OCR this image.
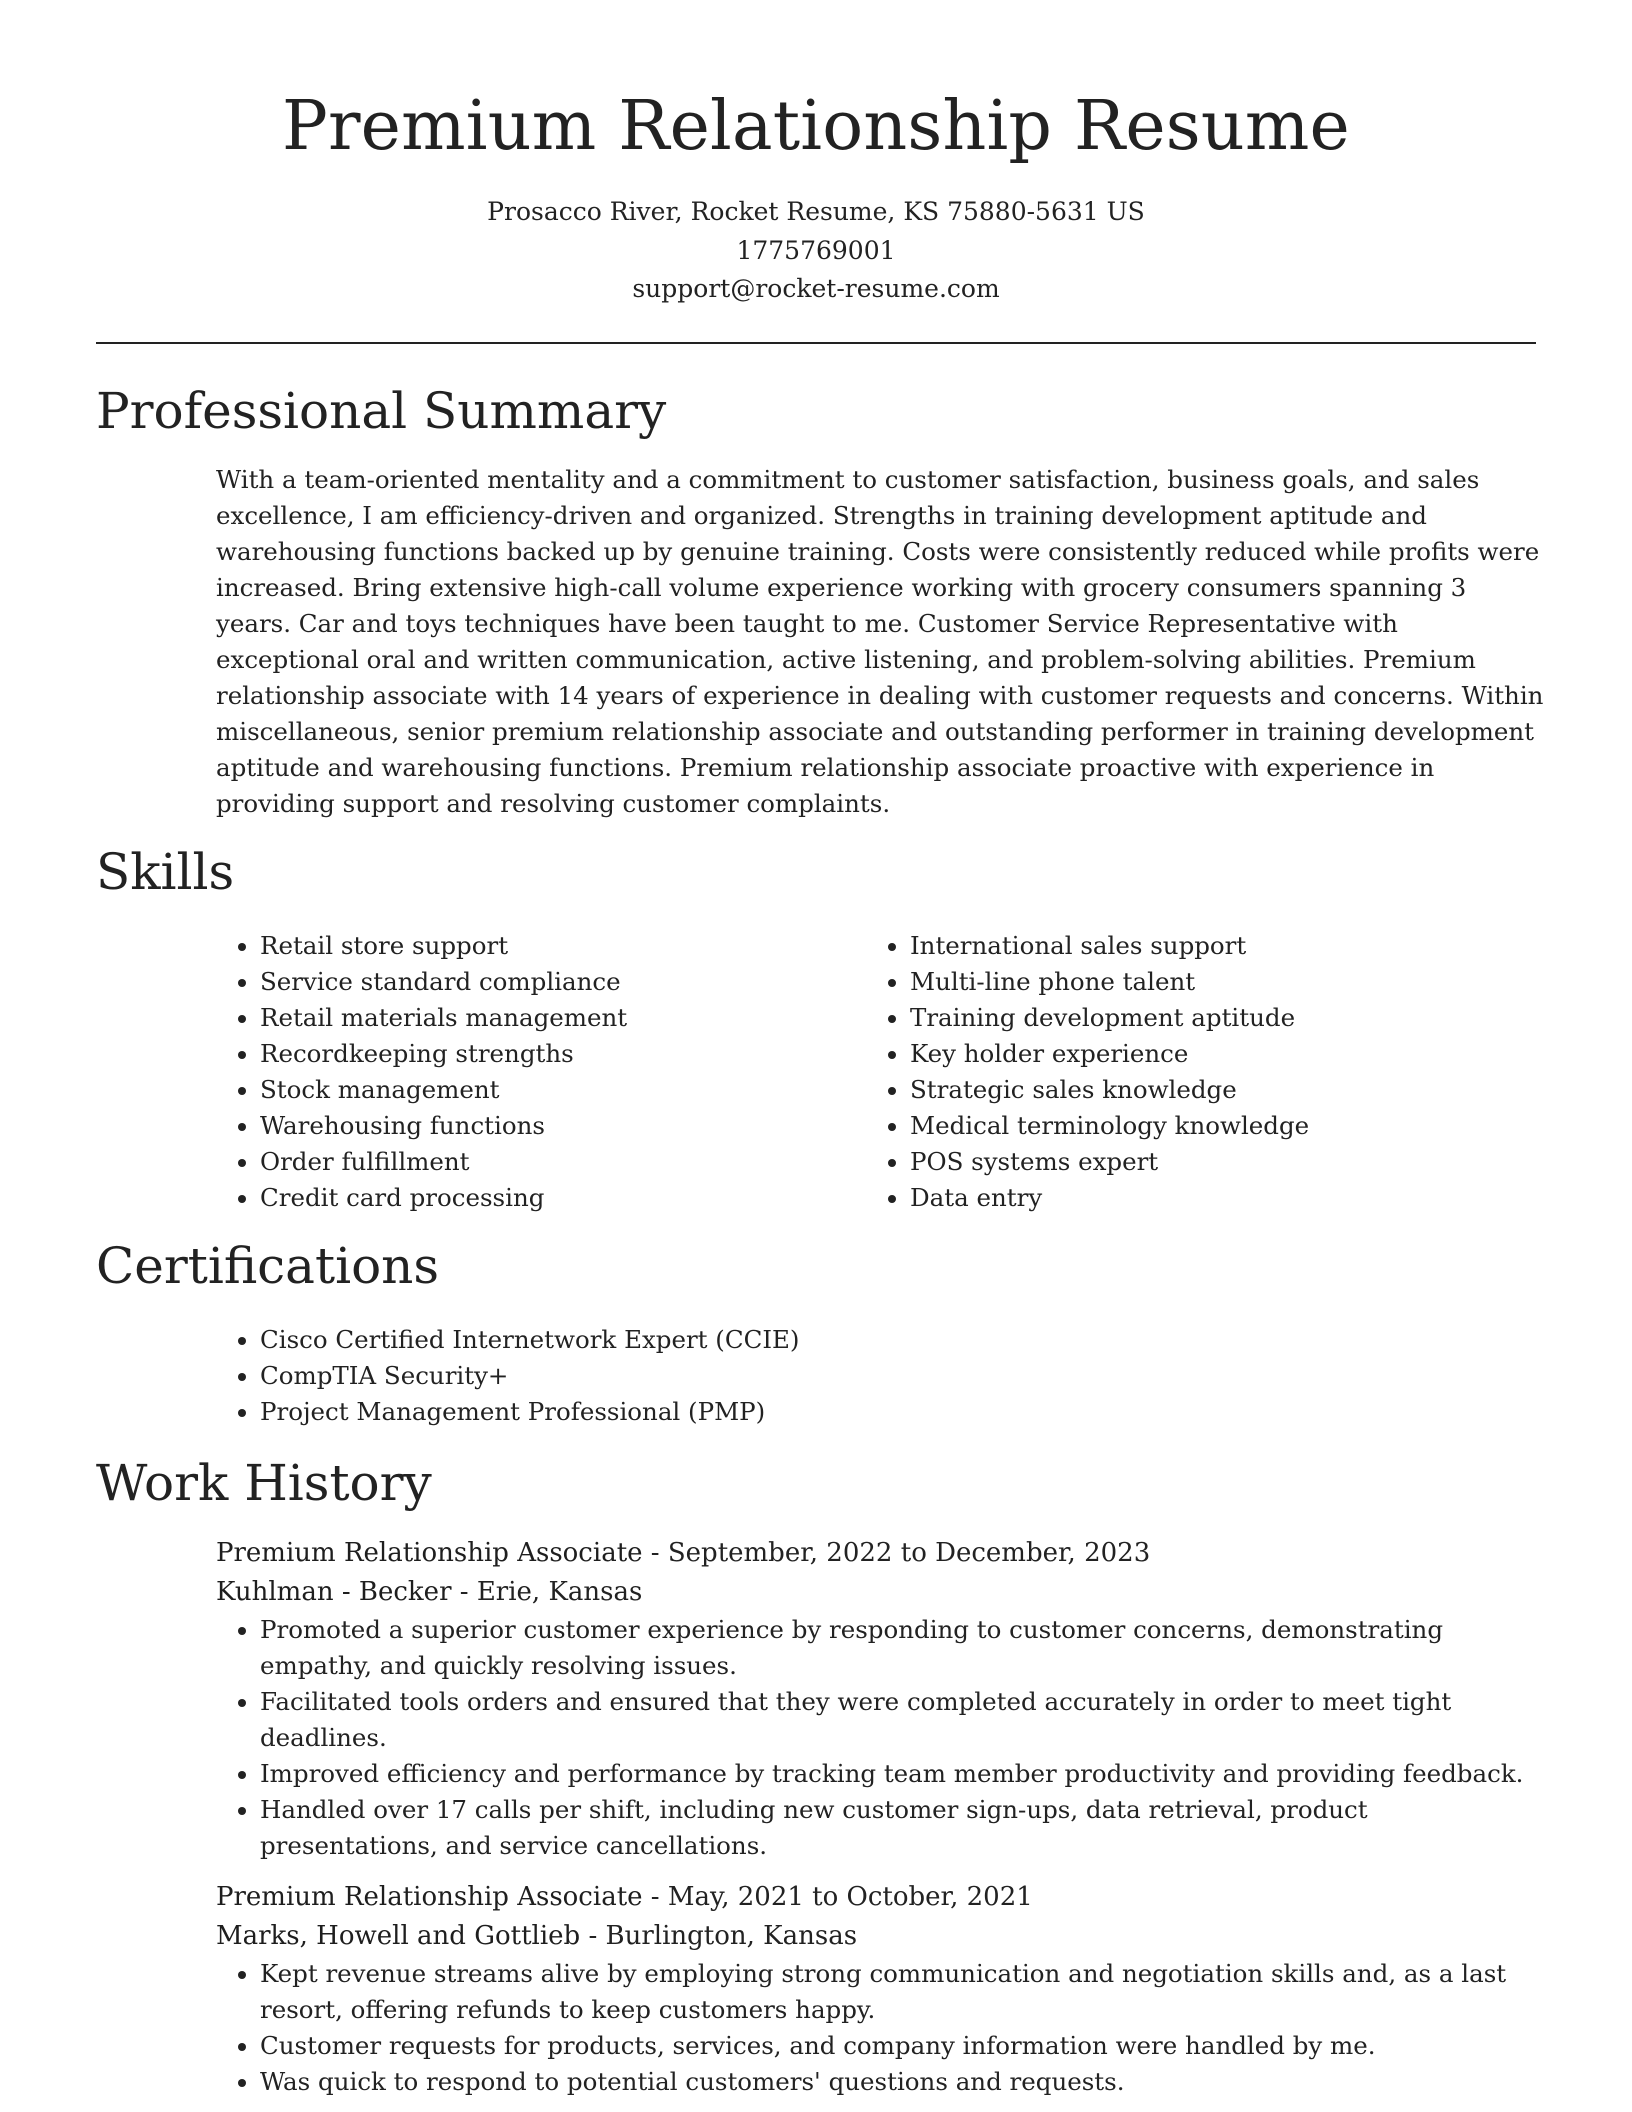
Premium Relationship Resume
Prosacco River, Rocket Resume, KS 75880-5631 US
1775769001
support@rocket-resume.com
Professional Summary

With a team-oriented mentality and a commitment to customer satisfaction, business goals, and sales excellence, I am efficiency-driven and organized. Strengths in training development aptitude and warehousing functions backed up by genuine training. Costs were consistently reduced while profits were increased. Bring extensive high-call volume experience working with grocery consumers spanning 3 years. Car and toys techniques have been taught to me. Customer Service Representative with exceptional oral and written communication, active listening, and problem-solving abilities. Premium relationship associate with 14 years of experience in dealing with customer requests and concerns. Within miscellaneous, senior premium relationship associate and outstanding performer in training development aptitude and warehousing functions. Premium relationship associate proactive with experience in providing support and resolving customer complaints.

Skills
• Retail store support
• Service standard compliance
• Retail materials management
• Recordkeeping strengths
• Stock management
• Warehousing functions
• Order fulfillment
• Credit card processing
• International sales support
• Multi-line phone talent
• Training development aptitude
• Key holder experience
• Strategic sales knowledge
• Medical terminology knowledge
• POS systems expert
• Data entry
Certifications
• Cisco Certified Internetwork Expert (CCIE)
• CompTIA Security+
• Project Management Professional (PMP)
Work History

Premium Relationship Associate - September, 2022 to December, 2023

Kuhlman - Becker - Erie, Kansas

• Promoted a superior customer experience by responding to customer concerns, demonstrating empathy, and quickly resolving issues.
• Facilitated tools orders and ensured that they were completed accurately in order to meet tight deadlines.
• Improved efficiency and performance by tracking team member productivity and providing feedback.
• Handled over 17 calls per shift, including new customer sign-ups, data retrieval, product presentations, and service cancellations.

Premium Relationship Associate - May, 2021 to October, 2021

Marks, Howell and Gottlieb - Burlington, Kansas

• Kept revenue streams alive by employing strong communication and negotiation skills and, as a last resort, offering refunds to keep customers happy.
• Customer requests for products, services, and company information were handled by me.
• Was quick to respond to potential customers' questions and requests.
